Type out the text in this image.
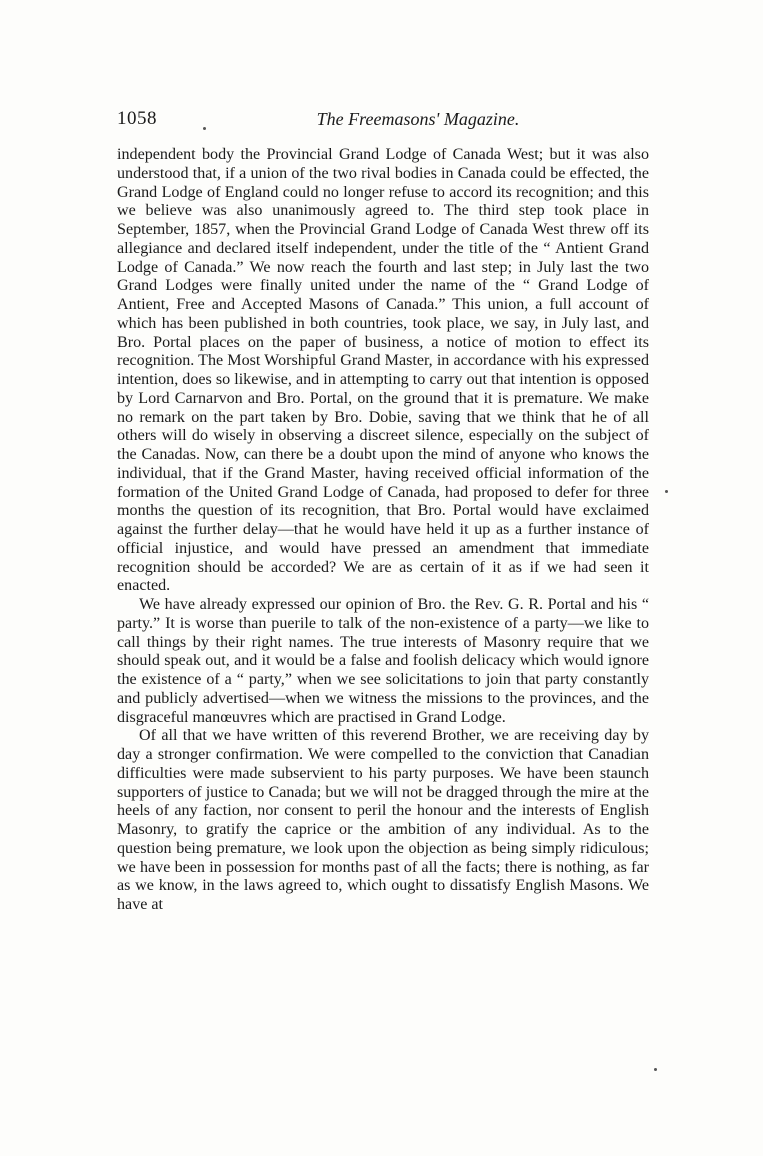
1058	The Freemasons' Magazine.

independent body the Provincial Grand Lodge of Canada West; but it was also understood that, if a union of the two rival bodies in Canada could be effected, the Grand Lodge of England could no longer refuse to accord its recognition; and this we believe was also unanimously agreed to. The third step took place in September, 1857, when the Provincial Grand Lodge of Canada West threw off its allegiance and declared itself independent, under the title of the “ Antient Grand Lodge of Canada.” We now reach the fourth and last step; in July last the two Grand Lodges were finally united under the name of the “ Grand Lodge of Antient, Free and Accepted Masons of Canada.” This union, a full account of which has been published in both countries, took place, we say, in July last, and Bro. Portal places on the paper of business, a notice of motion to effect its recognition. The Most Worshipful Grand Master, in accordance with his expressed intention, does so likewise, and in attempting to carry out that intention is opposed by Lord Carnarvon and Bro. Portal, on the ground that it is premature. We make no remark on the part taken by Bro. Dobie, saving that we think that he of all others will do wisely in observing a discreet silence, especially on the subject of the Canadas. Now, can there be a doubt upon the mind of anyone who knows the individual, that if the Grand Master, having received official information of the formation of the United Grand Lodge of Canada, had proposed to defer for three months the question of its recognition, that Bro. Portal would have exclaimed against the further delay—that he would have held it up as a further instance of official injustice, and would have pressed an amendment that immediate recognition should be accorded? We are as certain of it as if we had seen it enacted.

We have already expressed our opinion of Bro. the Rev. G. R. Portal and his “ party.” It is worse than puerile to talk of the non-existence of a party—we like to call things by their right names. The true interests of Masonry require that we should speak out, and it would be a false and foolish delicacy which would ignore the existence of a “ party,” when we see solicitations to join that party constantly and publicly advertised—when we witness the missions to the provinces, and the disgraceful manœuvres which are practised in Grand Lodge.

Of all that we have written of this reverend Brother, we are receiving day by day a stronger confirmation. We were compelled to the conviction that Canadian difficulties were made subservient to his party purposes. We have been staunch supporters of justice to Canada; but we will not be dragged through the mire at the heels of any faction, nor consent to peril the honour and the interests of English Masonry, to gratify the caprice or the ambition of any individual. As to the question being premature, we look upon the objection as being simply ridiculous; we have been in possession for months past of all the facts; there is nothing, as far as we know, in the laws agreed to, which ought to dissatisfy English Masons. We have at
